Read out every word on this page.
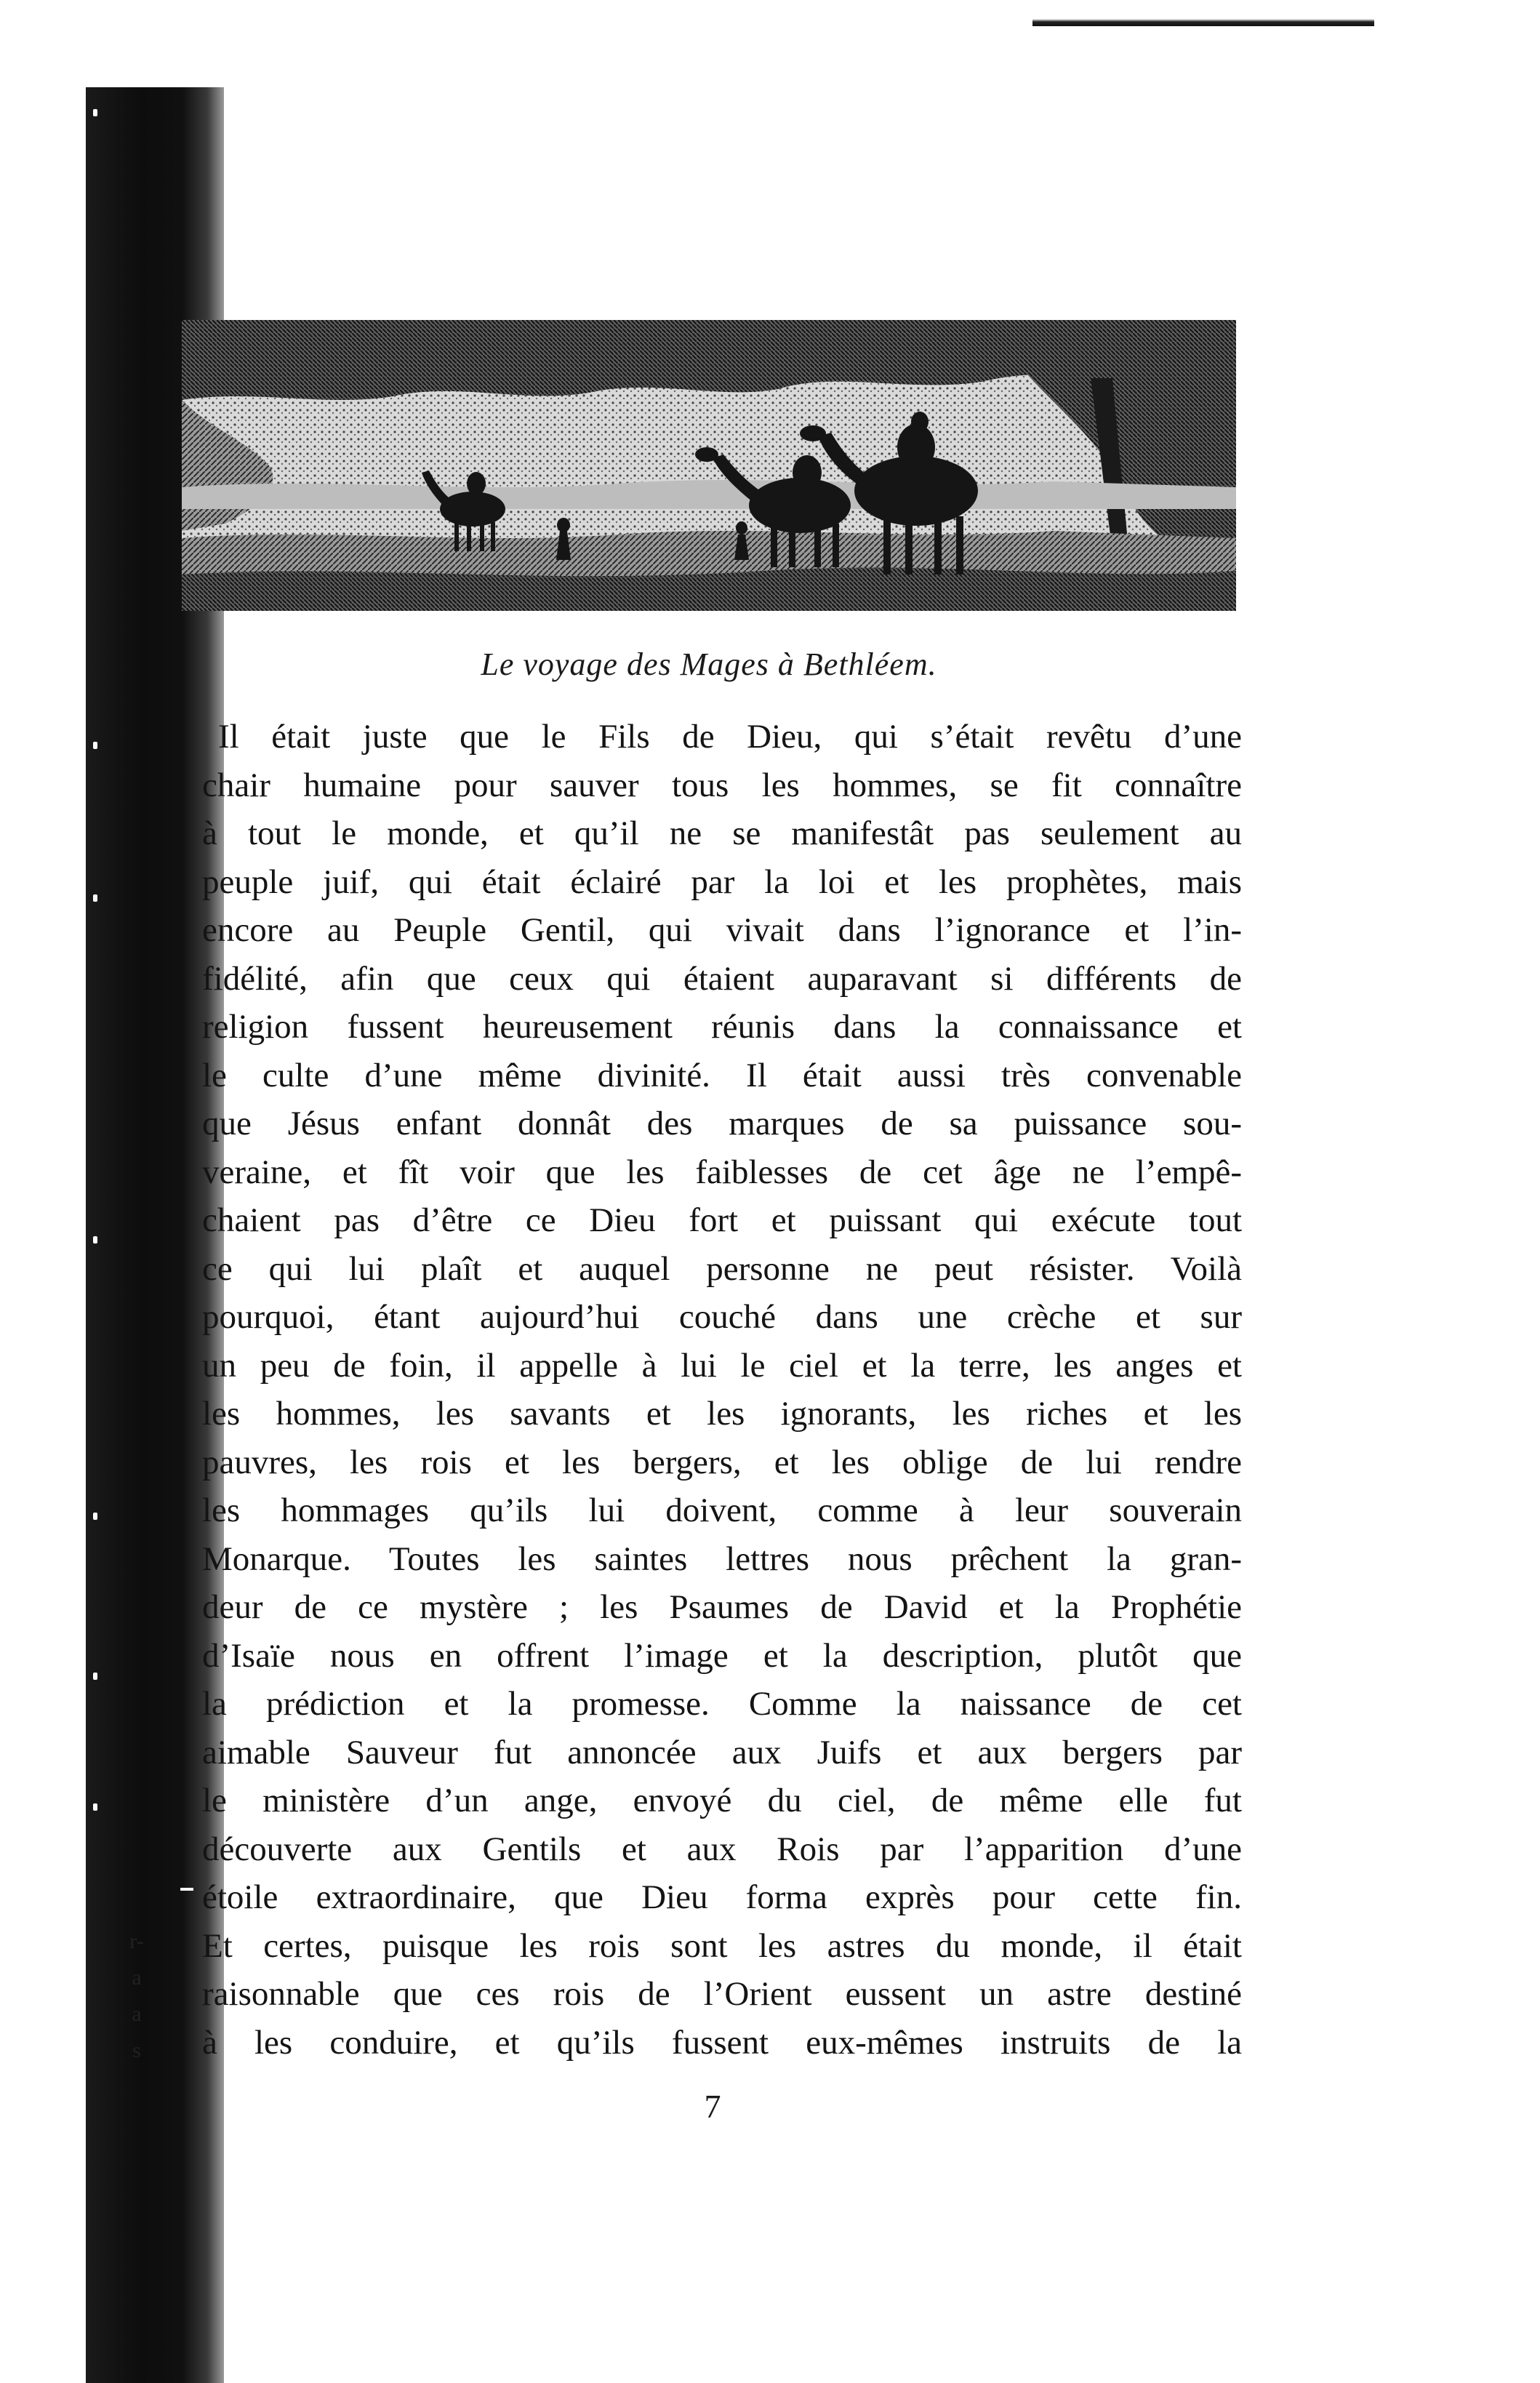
Le voyage des Mages à Bethléem.
Il était juste que le Fils de Dieu, qui s’était revêtu d’une
chair humaine pour sauver tous les hommes, se fit connaître
à tout le monde, et qu’il ne se manifestât pas seulement au
peuple juif, qui était éclairé par la loi et les prophètes, mais
encore au Peuple Gentil, qui vivait dans l’ignorance et l’in-
fidélité, afin que ceux qui étaient auparavant si différents de
religion fussent heureusement réunis dans la connaissance et
le culte d’une même divinité. Il était aussi très convenable
que Jésus enfant donnât des marques de sa puissance sou-
veraine, et fît voir que les faiblesses de cet âge ne l’empê-
chaient pas d’être ce Dieu fort et puissant qui exécute tout
ce qui lui plaît et auquel personne ne peut résister. Voilà
pourquoi, étant aujourd’hui couché dans une crèche et sur
un peu de foin, il appelle à lui le ciel et la terre, les anges et
les hommes, les savants et les ignorants, les riches et les
pauvres, les rois et les bergers, et les oblige de lui rendre
les hommages qu’ils lui doivent, comme à leur souverain
Monarque. Toutes les saintes lettres nous prêchent la gran-
deur de ce mystère ; les Psaumes de David et la Prophétie
d’Isaïe nous en offrent l’image et la description, plutôt que
la prédiction et la promesse. Comme la naissance de cet
aimable Sauveur fut annoncée aux Juifs et aux bergers par
le ministère d’un ange, envoyé du ciel, de même elle fut
découverte aux Gentils et aux Rois par l’apparition d’une
étoile extraordinaire, que Dieu forma exprès pour cette fin.
Et certes, puisque les rois sont les astres du monde, il était
raisonnable que ces rois de l’Orient eussent un astre destiné
à les conduire, et qu’ils fussent eux-mêmes instruits de la
7
r-
a
a
s
